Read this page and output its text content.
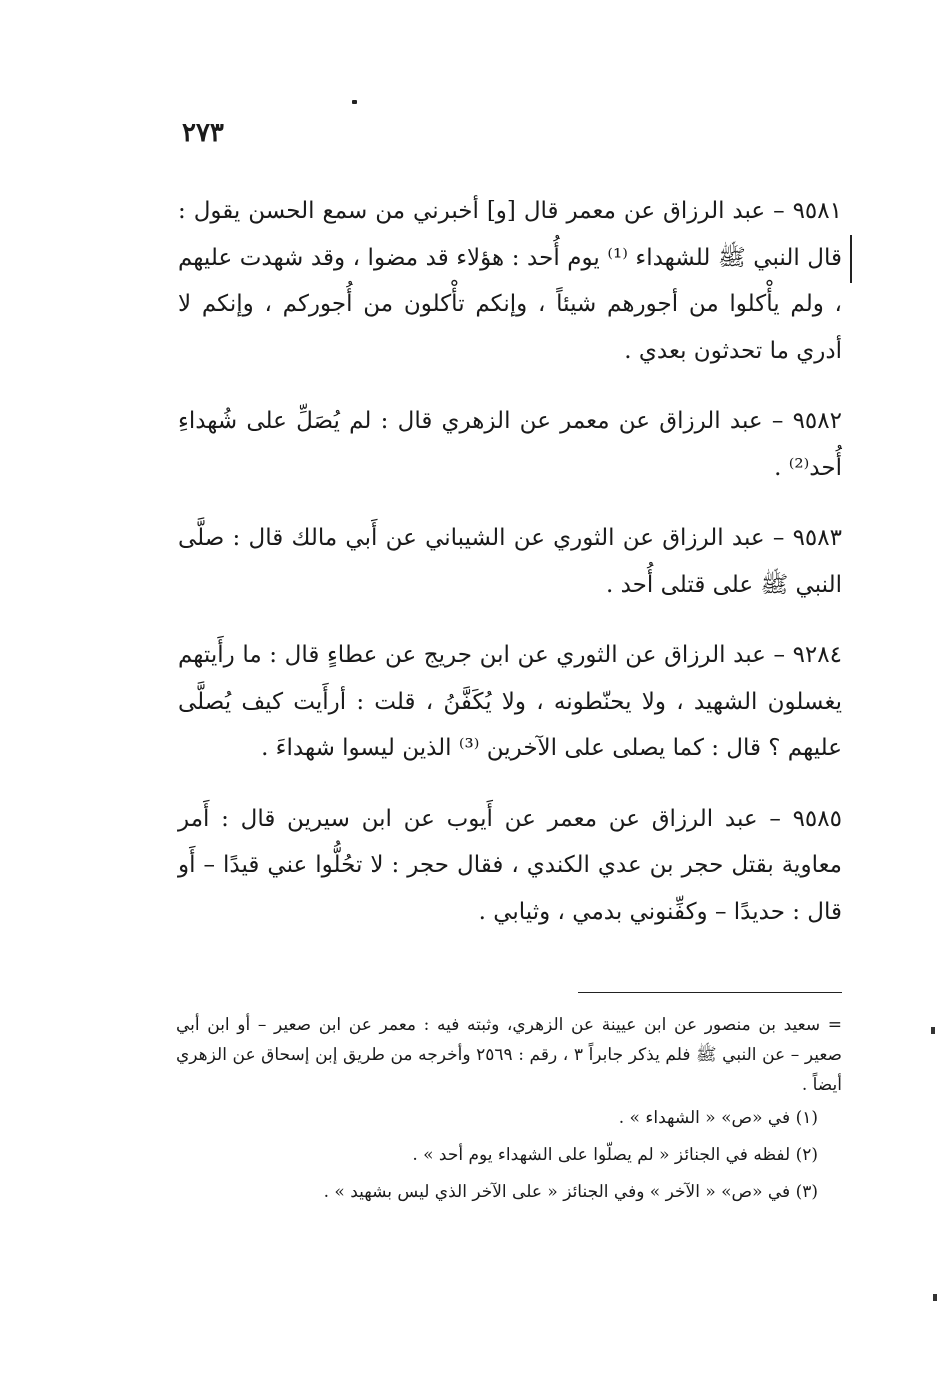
٢٧٣

٩٥٨١ – عبد الرزاق عن معمر قال [و] أخبرني من سمع الحسن يقول : قال النبي ﷺ للشهداء ⁽¹⁾ يوم أُحد : هؤلاء قد مضوا ، وقد شهدت عليهم ، ولم يأْكلوا من أجورهم شيئاً ، وإنكم تأْكلون من أُجوركم ، وإنكم لا أدري ما تحدثون بعدي .

٩٥٨٢ – عبد الرزاق عن معمر عن الزهري قال : لم يُصَلِّ على شُهداءِ أُحد⁽²⁾ .

٩٥٨٣ – عبد الرزاق عن الثوري عن الشيباني عن أَبي مالك قال : صلَّى النبي ﷺ على قتلى أُحد .

٩٢٨٤ – عبد الرزاق عن الثوري عن ابن جريج عن عطاءٍ قال : ما رأَيتهم يغسلون الشهيد ، ولا يحنّطونه ، ولا يُكَفَّنُ ، قلت : أرأَيت كيف يُصلَّى عليهم ؟ قال : كما يصلى على الآخرين ⁽³⁾ الذين ليسوا شهداءَ .

٩٥٨٥ – عبد الرزاق عن معمر عن أَيوب عن ابن سيرين قال : أَمر معاوية بقتل حجر بن عدي الكندي ، فقال حجر : لا تحُلُّوا عني قيدًا – أَو قال : حديدًا – وكفِّنوني بدمي ، وثيابي .

= سعيد بن منصور عن ابن عيينة عن الزهري، وثبته فيه : معمر عن ابن صعير – أو ابن أبي صعير – عن النبي ﷺ فلم يذكر جابراً ٣ ، رقم : ٢٥٦٩ وأخرجه من طريق إبن إسحاق عن الزهري أيضاً .

(١) في «ص» « الشهداء » .

(٢) لفظه في الجنائز « لم يصلّوا على الشهداء يوم أحد » .

(٣) في «ص» « الآخر » وفي الجنائز « على الآخر الذي ليس بشهيد » .
